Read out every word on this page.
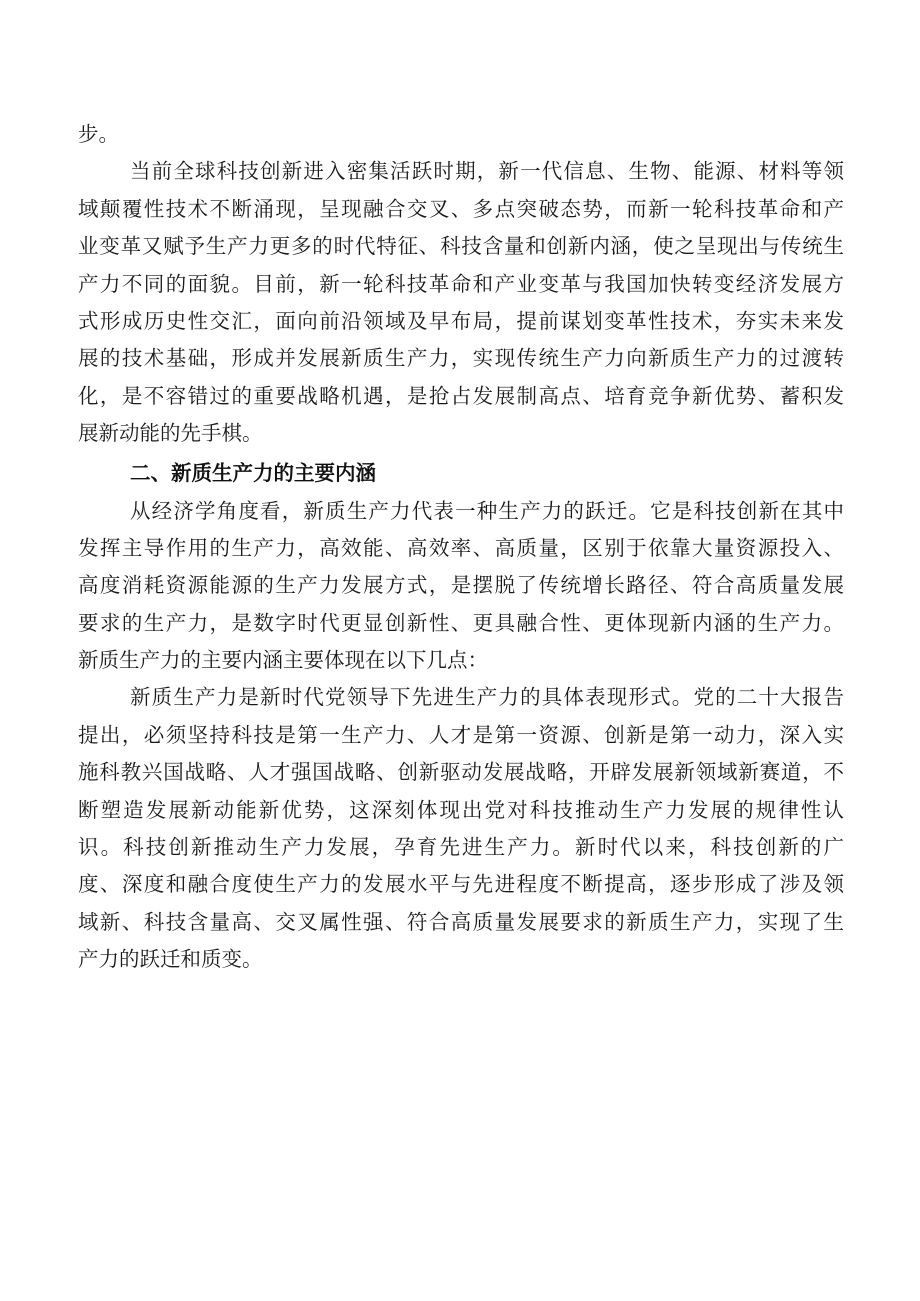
步。
当前全球科技创新进入密集活跃时期，新一代信息、生物、能源、材料等领
域颠覆性技术不断涌现，呈现融合交叉、多点突破态势，而新一轮科技革命和产
业变革又赋予生产力更多的时代特征、科技含量和创新内涵，使之呈现出与传统生
产力不同的面貌。目前，新一轮科技革命和产业变革与我国加快转变经济发展方
式形成历史性交汇，面向前沿领域及早布局，提前谋划变革性技术，夯实未来发
展的技术基础，形成并发展新质生产力，实现传统生产力向新质生产力的过渡转
化，是不容错过的重要战略机遇，是抢占发展制高点、培育竞争新优势、蓄积发
展新动能的先手棋。
二、新质生产力的主要内涵
从经济学角度看，新质生产力代表一种生产力的跃迁。它是科技创新在其中
发挥主导作用的生产力，高效能、高效率、高质量，区别于依靠大量资源投入、
高度消耗资源能源的生产力发展方式，是摆脱了传统增长路径、符合高质量发展
要求的生产力，是数字时代更显创新性、更具融合性、更体现新内涵的生产力。
新质生产力的主要内涵主要体现在以下几点：
新质生产力是新时代党领导下先进生产力的具体表现形式。党的二十大报告
提出，必须坚持科技是第一生产力、人才是第一资源、创新是第一动力，深入实
施科教兴国战略、人才强国战略、创新驱动发展战略，开辟发展新领域新赛道，不
断塑造发展新动能新优势，这深刻体现出党对科技推动生产力发展的规律性认
识。科技创新推动生产力发展，孕育先进生产力。新时代以来，科技创新的广
度、深度和融合度使生产力的发展水平与先进程度不断提高，逐步形成了涉及领
域新、科技含量高、交叉属性强、符合高质量发展要求的新质生产力，实现了生
产力的跃迁和质变。
